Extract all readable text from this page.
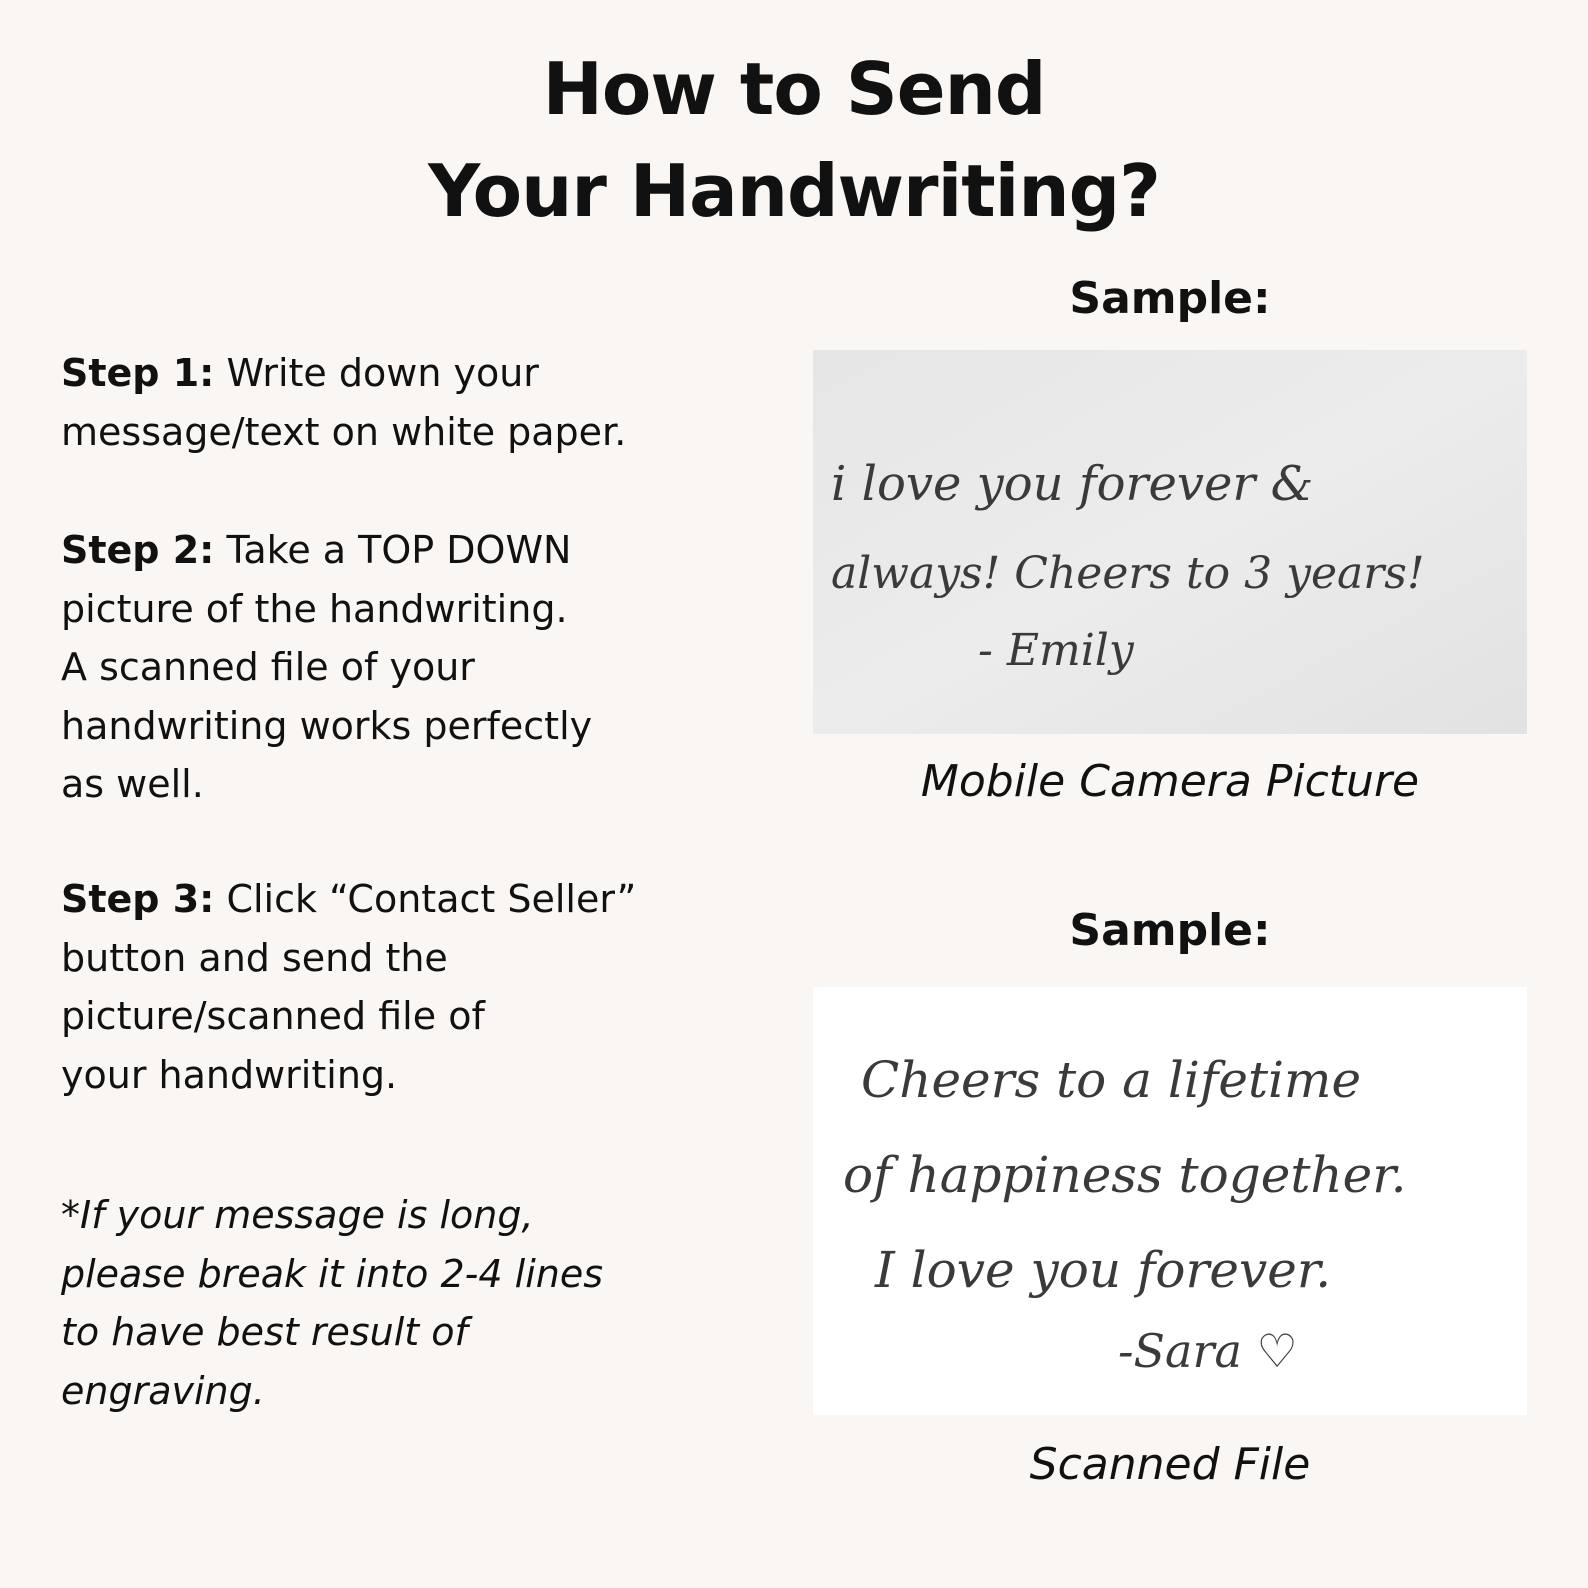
How to Send
Your Handwriting?

Step 1: Write down your
message/text on white paper.

Step 2: Take a TOP DOWN
picture of the handwriting.
A scanned file of your
handwriting works perfectly
as well.

Step 3: Click “Contact Seller”
button and send the
picture/scanned file of
your handwriting.

*If your message is long,
please break it into 2-4 lines
to have best result of
engraving.

Sample:
i love you forever &
always! Cheers to 3 years!
- Emily
Mobile Camera Picture
Sample:
Cheers to a lifetime
of happiness together.
I love you forever.
-Sara ♡
Scanned File
